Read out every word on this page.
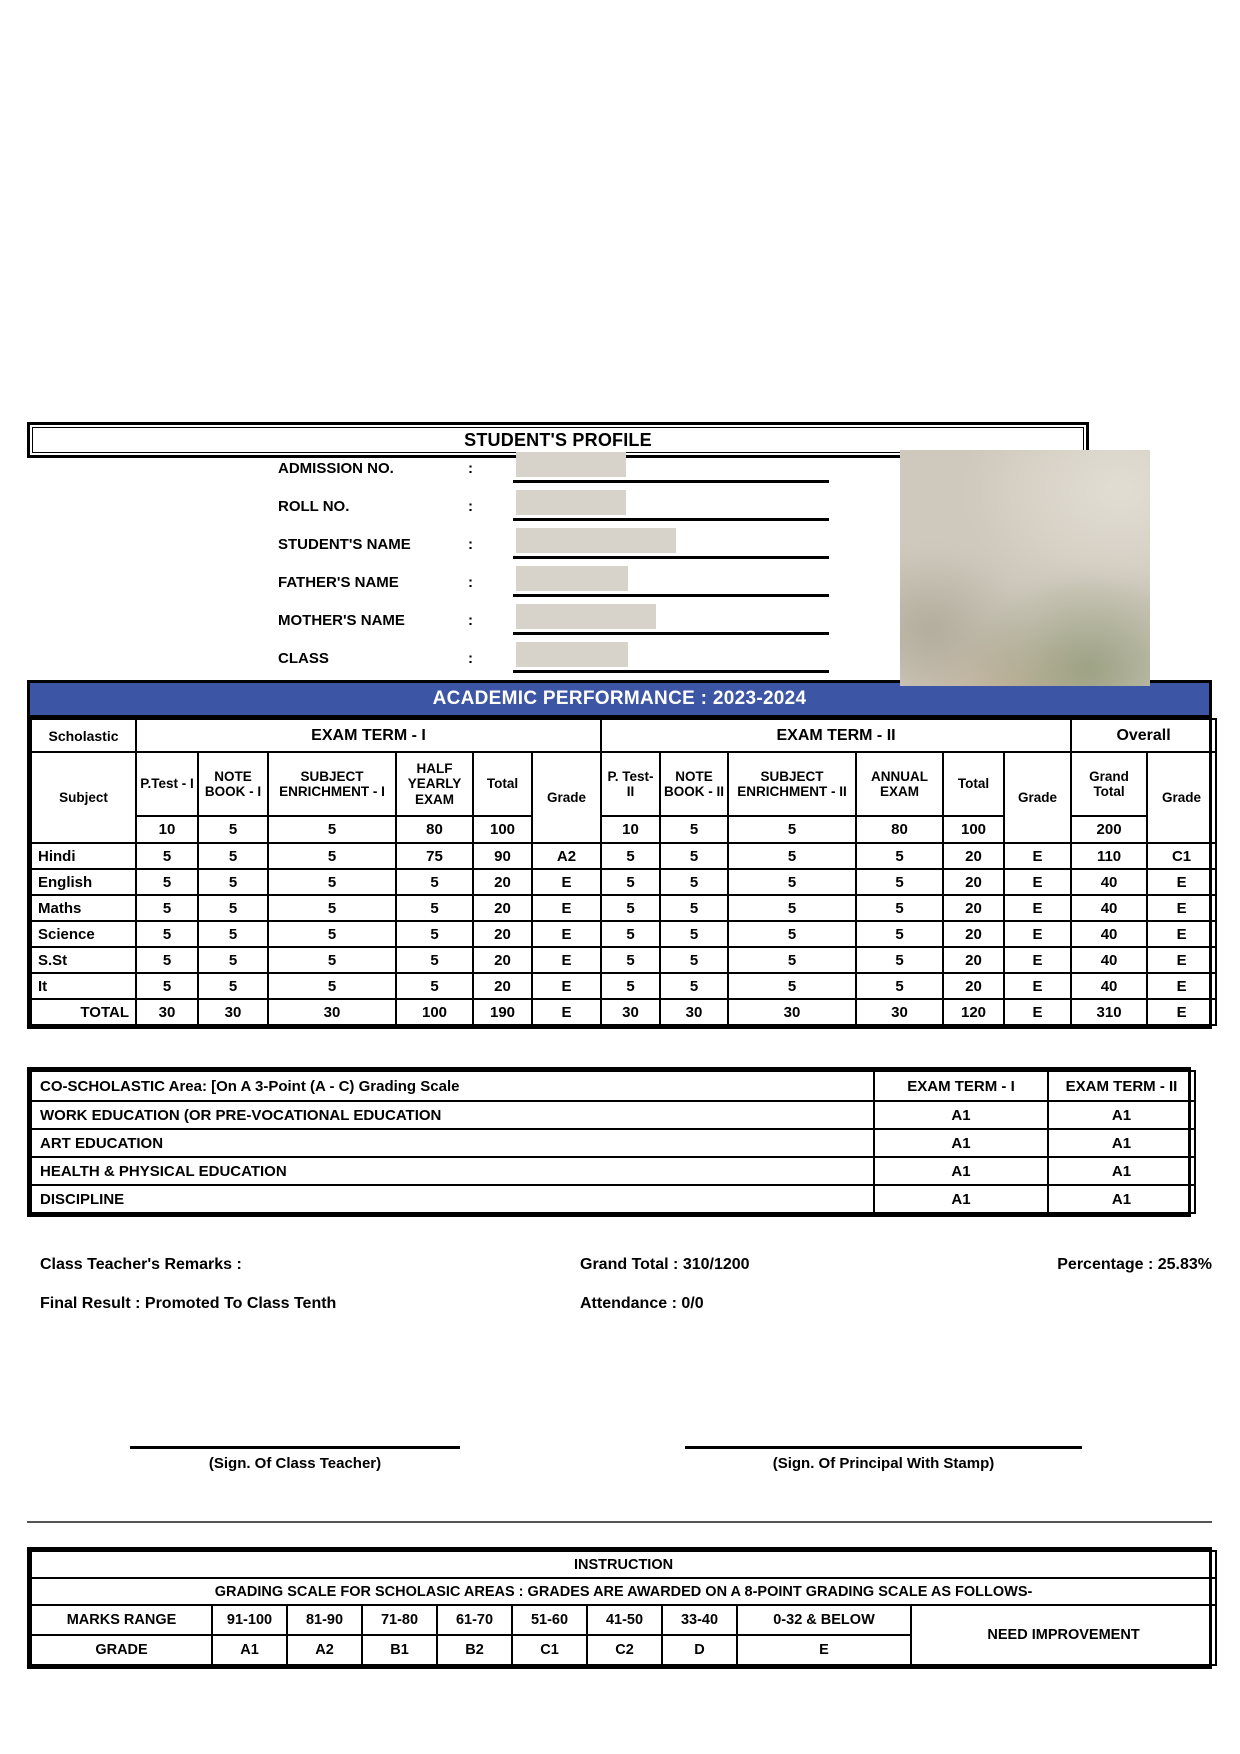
STUDENT'S PROFILE
ADMISSION NO.	:
ROLL NO.	:
STUDENT'S NAME	:
FATHER'S NAME	:
MOTHER'S NAME	:
CLASS	:
ACADEMIC PERFORMANCE : 2023-2024
Scholastic	EXAM TERM - I						EXAM TERM - II						Overall	
Subject	P.Test - I	NOTE BOOK - I	SUBJECT ENRICHMENT - I	HALF YEARLY EXAM	Total	Grade	P. Test- II	NOTE BOOK - II	SUBJECT ENRICHMENT - II	ANNUAL EXAM	Total	Grade	Grand Total	Grade
	10	5	5	80	100		10	5	5	80	100		200	
Hindi	5	5	5	75	90	A2	5	5	5	5	20	E	110	C1
English	5	5	5	5	20	E	5	5	5	5	20	E	40	E
Maths	5	5	5	5	20	E	5	5	5	5	20	E	40	E
Science	5	5	5	5	20	E	5	5	5	5	20	E	40	E
S.St	5	5	5	5	20	E	5	5	5	5	20	E	40	E
It	5	5	5	5	20	E	5	5	5	5	20	E	40	E
TOTAL	30	30	30	100	190	E	30	30	30	30	120	E	310	E
CO-SCHOLASTIC Area: [On A 3-Point (A - C) Grading Scale	EXAM TERM - I	EXAM TERM - II
WORK EDUCATION (OR PRE-VOCATIONAL EDUCATION	A1	A1
ART EDUCATION	A1	A1
HEALTH & PHYSICAL EDUCATION	A1	A1
DISCIPLINE	A1	A1
Class Teacher's Remarks :	Grand Total : 310/1200	Percentage : 25.83%
Final Result : Promoted To Class Tenth	Attendance : 0/0
(Sign. Of Class Teacher)	(Sign. Of Principal With Stamp)
INSTRUCTION									
GRADING SCALE FOR SCHOLASIC AREAS : GRADES ARE AWARDED ON A 8-POINT GRADING SCALE AS FOLLOWS-									
MARKS RANGE	91-100	81-90	71-80	61-70	51-60	41-50	33-40	0-32 & BELOW	NEED IMPROVEMENT
GRADE	A1	A2	B1	B2	C1	C2	D	E	
